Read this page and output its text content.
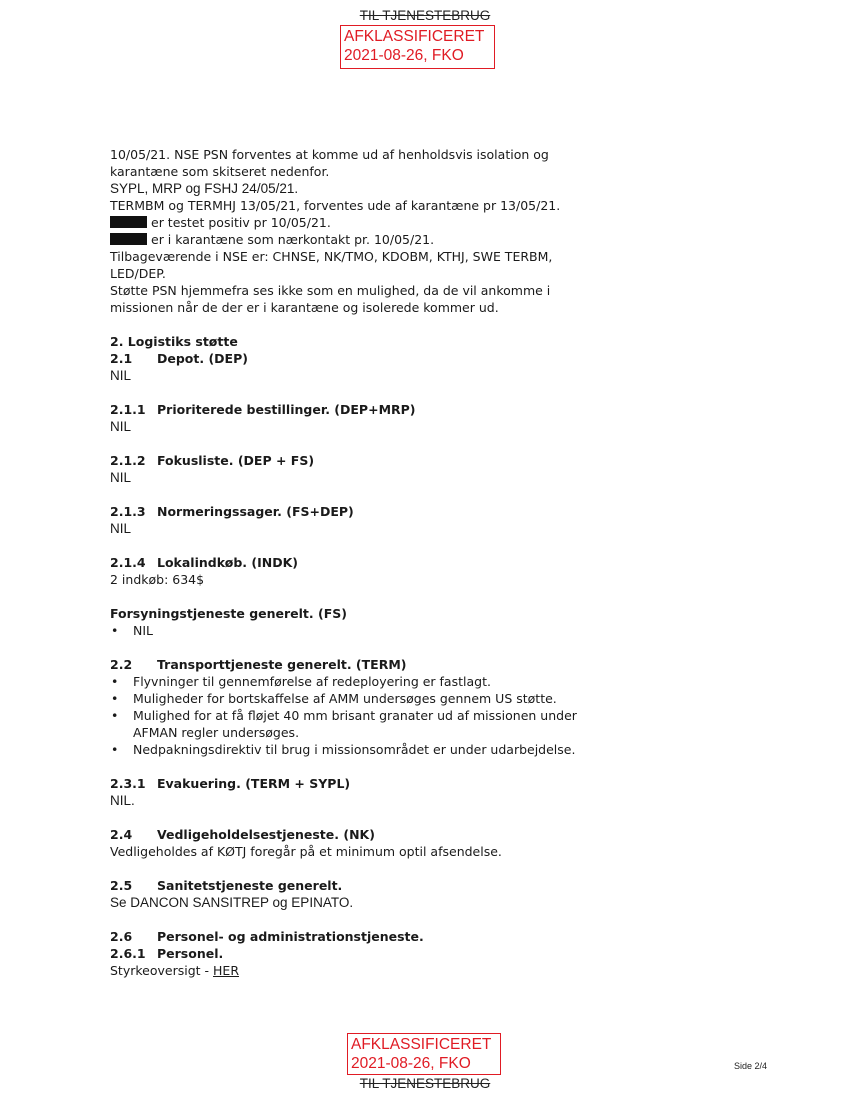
TIL TJENESTEBRUG
AFKLASSIFICERET
2021-08-26, FKO
10/05/21. NSE PSN forventes at komme ud af henholdsvis isolation og
karantæne som skitseret nedenfor.
SYPL, MRP og FSHJ 24/05/21.
TERMBM og TERMHJ 13/05/21, forventes ude af karantæne pr 13/05/21.
er testet positiv pr 10/05/21.
er i karantæne som nærkontakt pr. 10/05/21.
Tilbageværende i NSE er: CHNSE, NK/TMO, KDOBM, KTHJ, SWE TERBM,
LED/DEP.
Støtte PSN hjemmefra ses ikke som en mulighed, da de vil ankomme i
missionen når de der er i karantæne og isolerede kommer ud.
2. Logistiks støtte
2.1 Depot. (DEP)
NIL
2.1.1 Prioriterede bestillinger. (DEP+MRP)
NIL
2.1.2 Fokusliste. (DEP + FS)
NIL
2.1.3 Normeringssager. (FS+DEP)
NIL
2.1.4 Lokalindkøb. (INDK)
2 indkøb: 634$
Forsyningstjeneste generelt. (FS)
• NIL
2.2 Transporttjeneste generelt. (TERM)
• Flyvninger til gennemførelse af redeployering er fastlagt.
• Muligheder for bortskaffelse af AMM undersøges gennem US støtte.
• Mulighed for at få fløjet 40 mm brisant granater ud af missionen under
AFMAN regler undersøges.
• Nedpakningsdirektiv til brug i missionsområdet er under udarbejdelse.
2.3.1 Evakuering. (TERM + SYPL)
NIL.
2.4 Vedligeholdelsestjeneste. (NK)
Vedligeholdes af KØTJ foregår på et minimum optil afsendelse.
2.5 Sanitetstjeneste generelt.
Se DANCON SANSITREP og EPINATO.
2.6 Personel- og administrationstjeneste.
2.6.1 Personel.
Styrkeoversigt - HER
AFKLASSIFICERET
2021-08-26, FKO
TIL TJENESTEBRUG
Side 2/4
